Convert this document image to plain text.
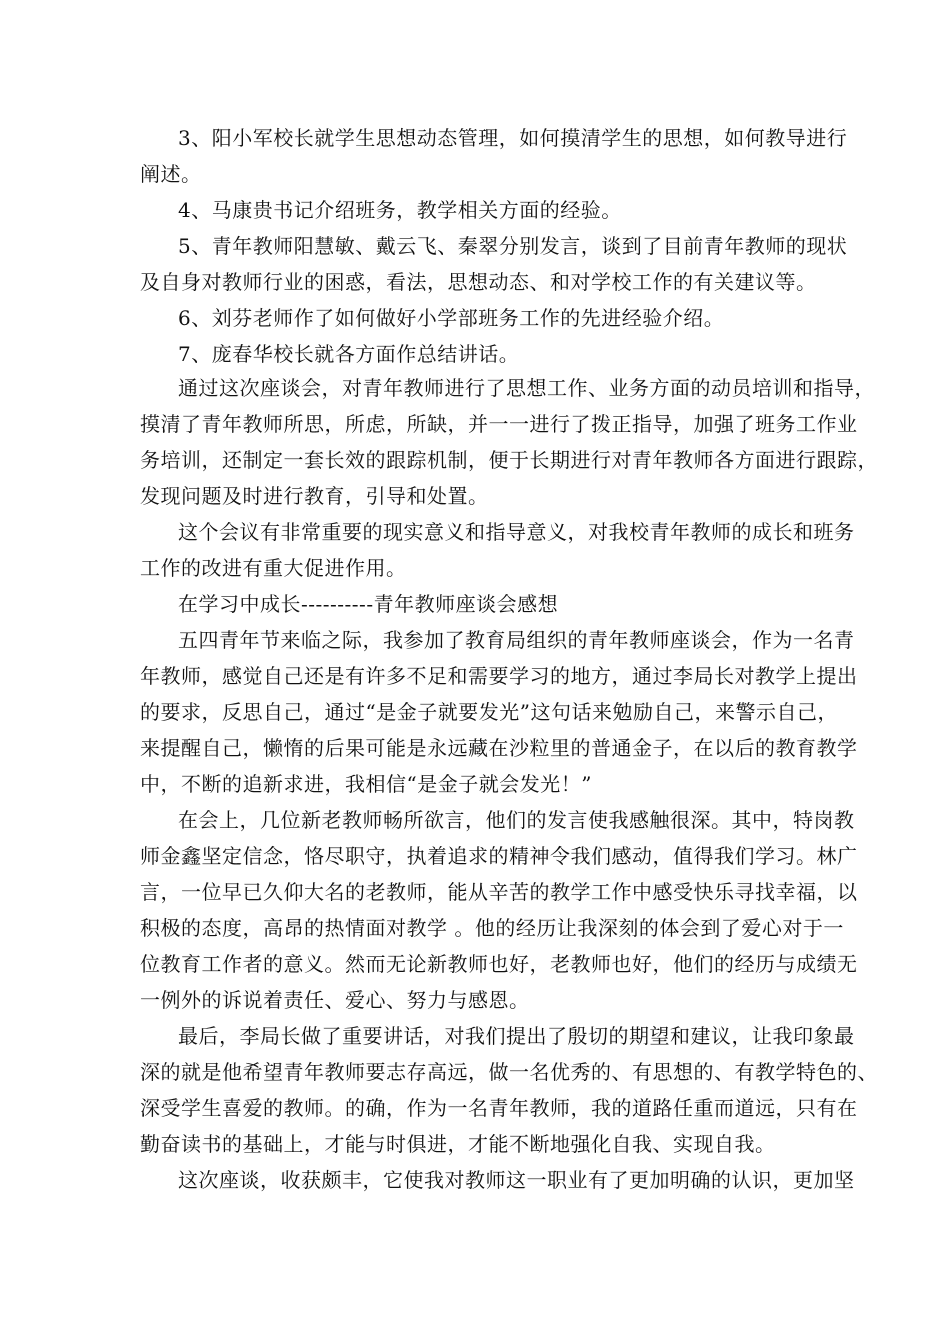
3、阳小军校长就学生思想动态管理，如何摸清学生的思想，如何教导进行
阐述。
4、马康贵书记介绍班务，教学相关方面的经验。
5、青年教师阳慧敏、戴云飞、秦翠分别发言，谈到了目前青年教师的现状
及自身对教师行业的困惑，看法，思想动态、和对学校工作的有关建议等。
6、刘芬老师作了如何做好小学部班务工作的先进经验介绍。
7、庞春华校长就各方面作总结讲话。
通过这次座谈会，对青年教师进行了思想工作、业务方面的动员培训和指导，
摸清了青年教师所思，所虑，所缺，并一一进行了拨正指导，加强了班务工作业
务培训，还制定一套长效的跟踪机制，便于长期进行对青年教师各方面进行跟踪，
发现问题及时进行教育，引导和处置。
这个会议有非常重要的现实意义和指导意义，对我校青年教师的成长和班务
工作的改进有重大促进作用。
在学习中成长----------青年教师座谈会感想
五四青年节来临之际，我参加了教育局组织的青年教师座谈会，作为一名青
年教师，感觉自己还是有许多不足和需要学习的地方，通过李局长对教学上提出
的要求，反思自己，通过“是金子就要发光”这句话来勉励自己，来警示自己，
来提醒自己，懒惰的后果可能是永远藏在沙粒里的普通金子，在以后的教育教学
中，不断的追新求进，我相信“是金子就会发光！”
在会上，几位新老教师畅所欲言，他们的发言使我感触很深。其中，特岗教
师金鑫坚定信念，恪尽职守，执着追求的精神令我们感动，值得我们学习。林广
言，一位早已久仰大名的老教师，能从辛苦的教学工作中感受快乐寻找幸福，以
积极的态度，高昂的热情面对教学 。他的经历让我深刻的体会到了爱心对于一
位教育工作者的意义。然而无论新教师也好，老教师也好，他们的经历与成绩无
一例外的诉说着责任、爱心、努力与感恩。
最后，李局长做了重要讲话，对我们提出了殷切的期望和建议，让我印象最
深的就是他希望青年教师要志存高远，做一名优秀的、有思想的、有教学特色的、
深受学生喜爱的教师。的确，作为一名青年教师，我的道路任重而道远，只有在
勤奋读书的基础上，才能与时俱进，才能不断地强化自我、实现自我。
这次座谈，收获颇丰，它使我对教师这一职业有了更加明确的认识，更加坚
